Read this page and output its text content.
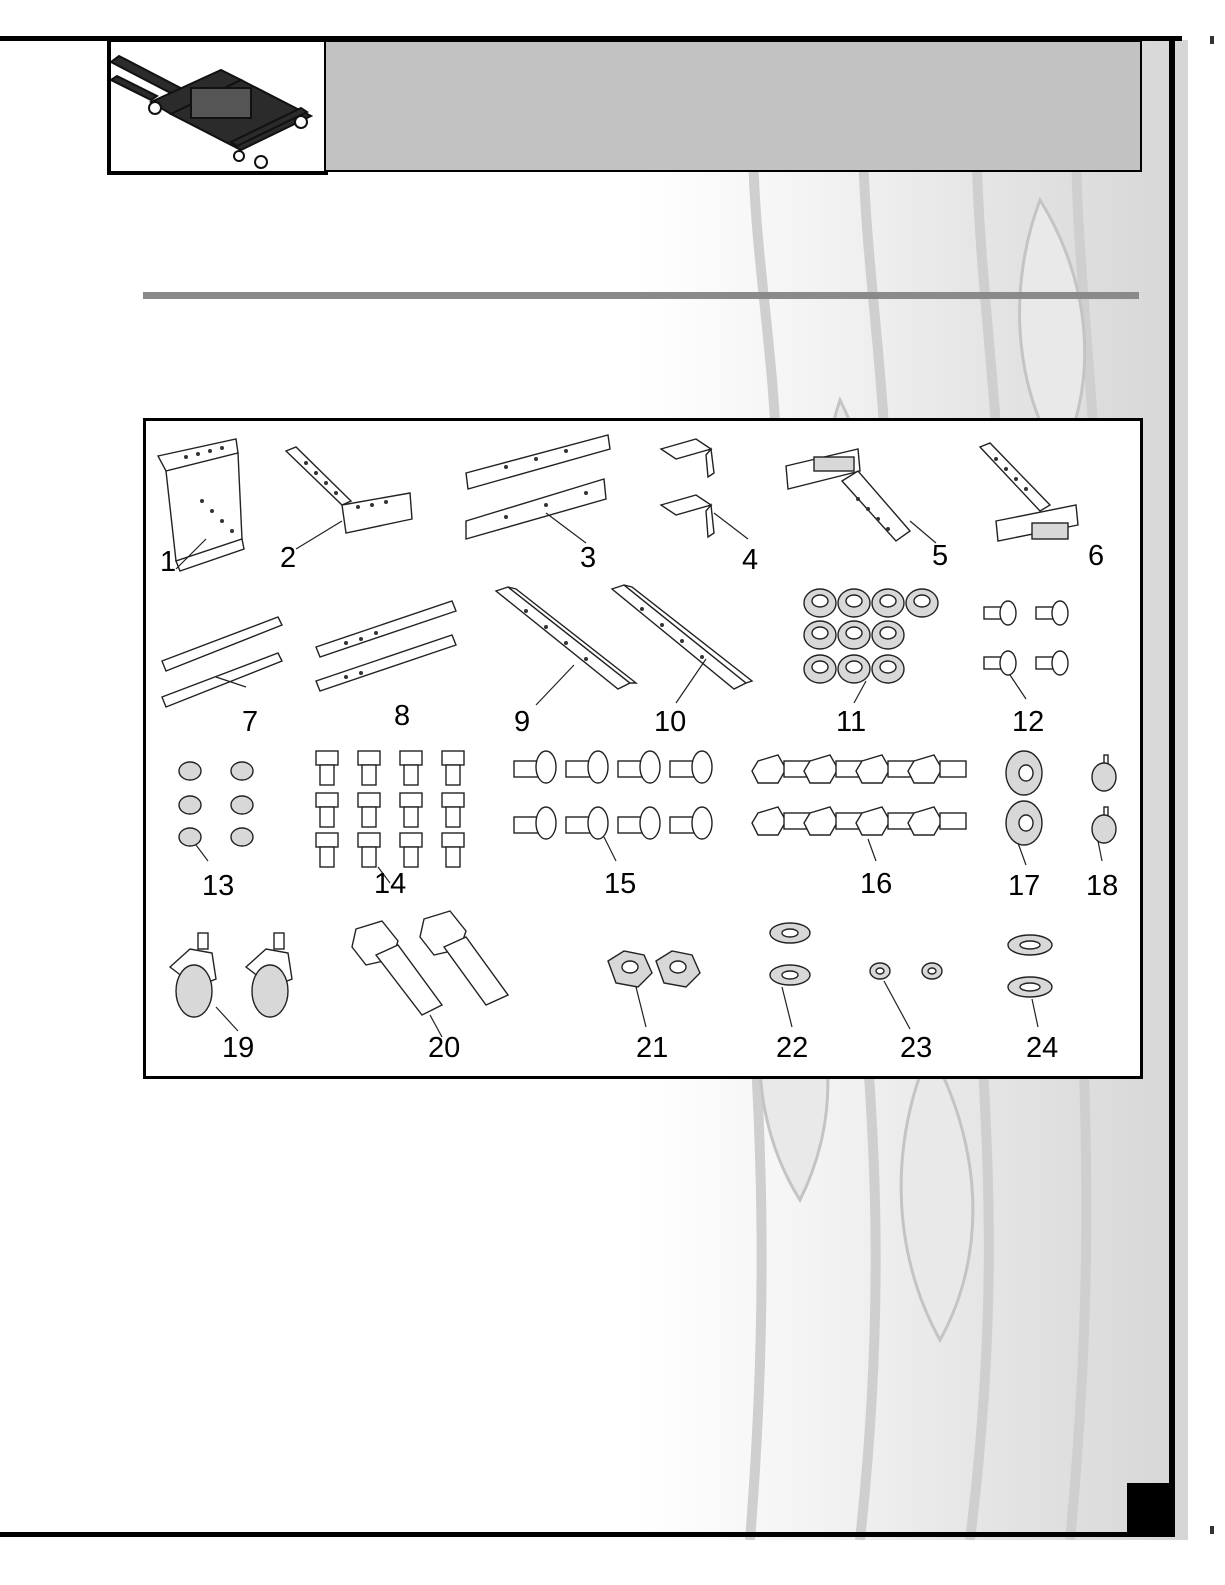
1	2	3	4	5	6
7	8	9	10	11	12
13	14	15	16	17 18
19	20	21	22	23	24
